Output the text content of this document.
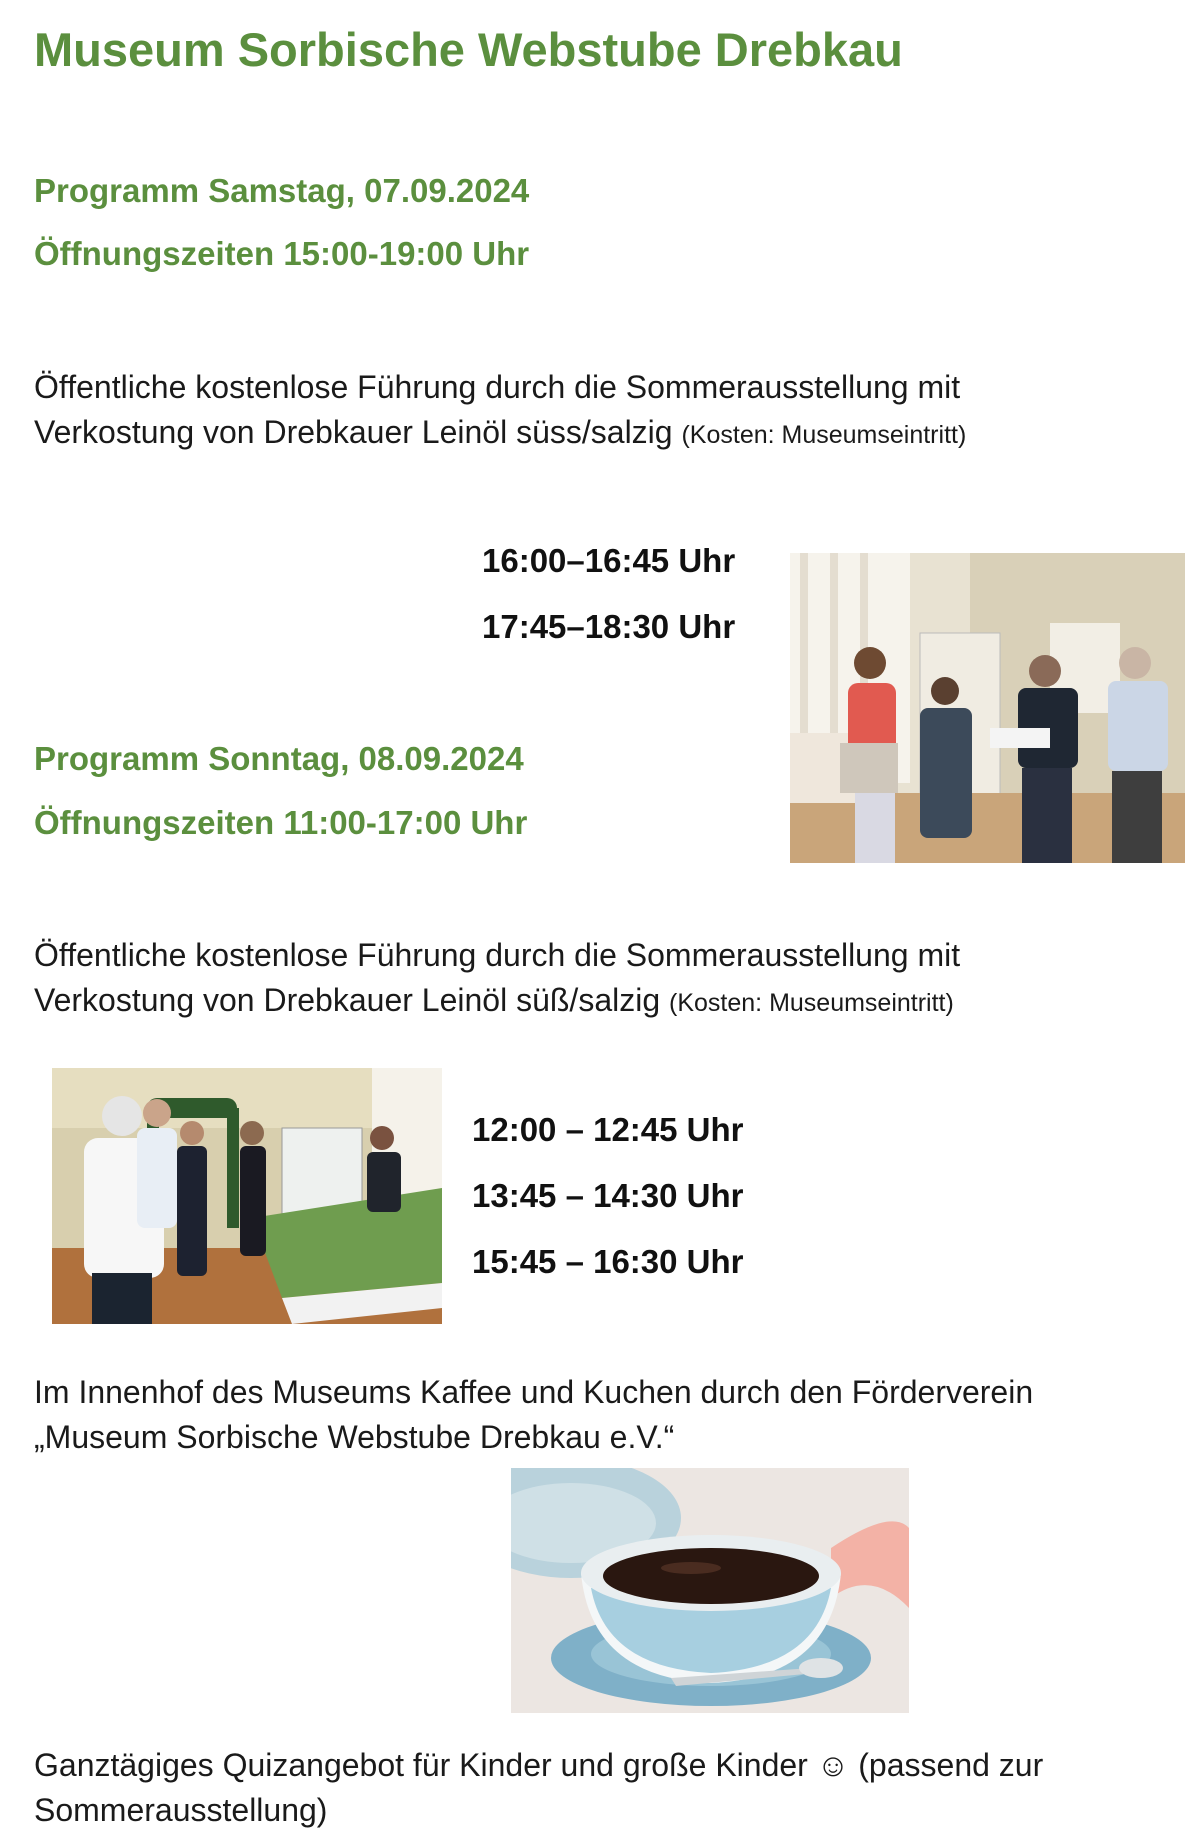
Museum Sorbische Webstube Drebkau
Programm Samstag, 07.09.2024
Öffnungszeiten 15:00-19:00 Uhr
Öffentliche kostenlose Führung durch die Sommerausstellung mit
Verkostung von Drebkauer Leinöl süss/salzig (Kosten: Museumseintritt)
16:00–16:45 Uhr
17:45–18:30 Uhr
Programm Sonntag, 08.09.2024
Öffnungszeiten 11:00-17:00 Uhr
Öffentliche kostenlose Führung durch die Sommerausstellung mit
Verkostung von Drebkauer Leinöl süß/salzig (Kosten: Museumseintritt)
12:00 – 12:45 Uhr
13:45 – 14:30 Uhr
15:45 – 16:30 Uhr
Im Innenhof des Museums Kaffee und Kuchen durch den Förderverein
„Museum Sorbische Webstube Drebkau e.V.“
Ganztägiges Quizangebot für Kinder und große Kinder ☺ (passend zur
Sommerausstellung)
